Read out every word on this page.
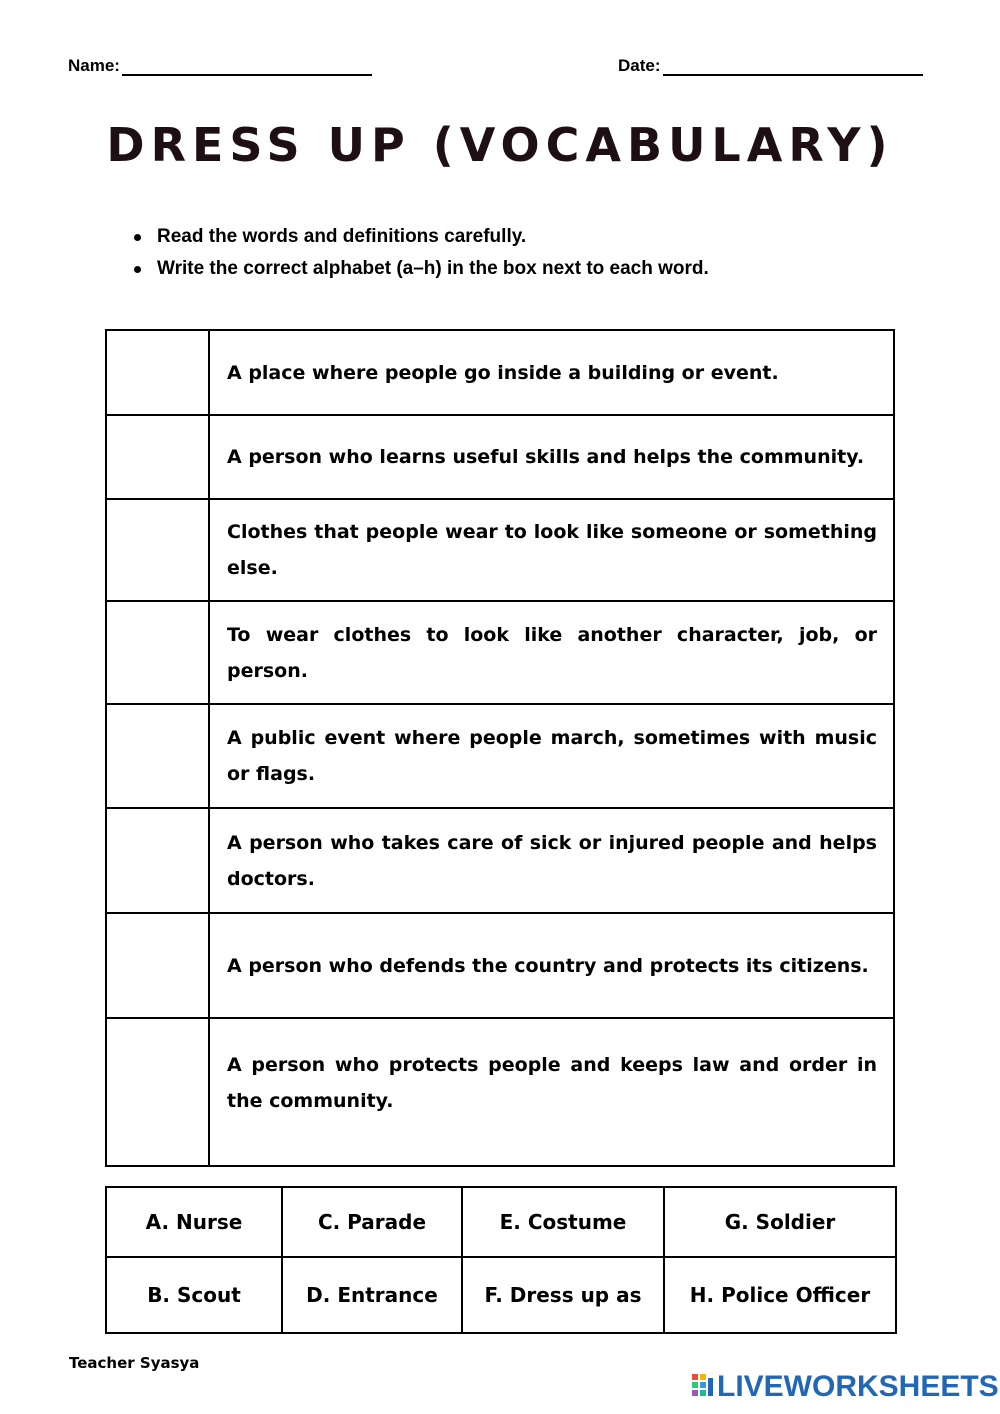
Name:	Date:
DRESS UP (VOCABULARY)
Read the words and definitions carefully.
Write the correct alphabet (a–h) in the box next to each word.
	A place where people go inside a building or event.
	A person who learns useful skills and helps the community.
	Clothes that people wear to look like someone or something else.
	To wear clothes to look like another character, job, or person.
	A public event where people march, sometimes with music or flags.
	A person who takes care of sick or injured people and helps doctors.
	A person who defends the country and protects its citizens.
	A person who protects people and keeps law and order in the community.
A. Nurse	C. Parade	E. Costume	G. Soldier
B. Scout	D. Entrance	F. Dress up as	H. Police Officer
Teacher Syasya
LIVEWORKSHEETS
